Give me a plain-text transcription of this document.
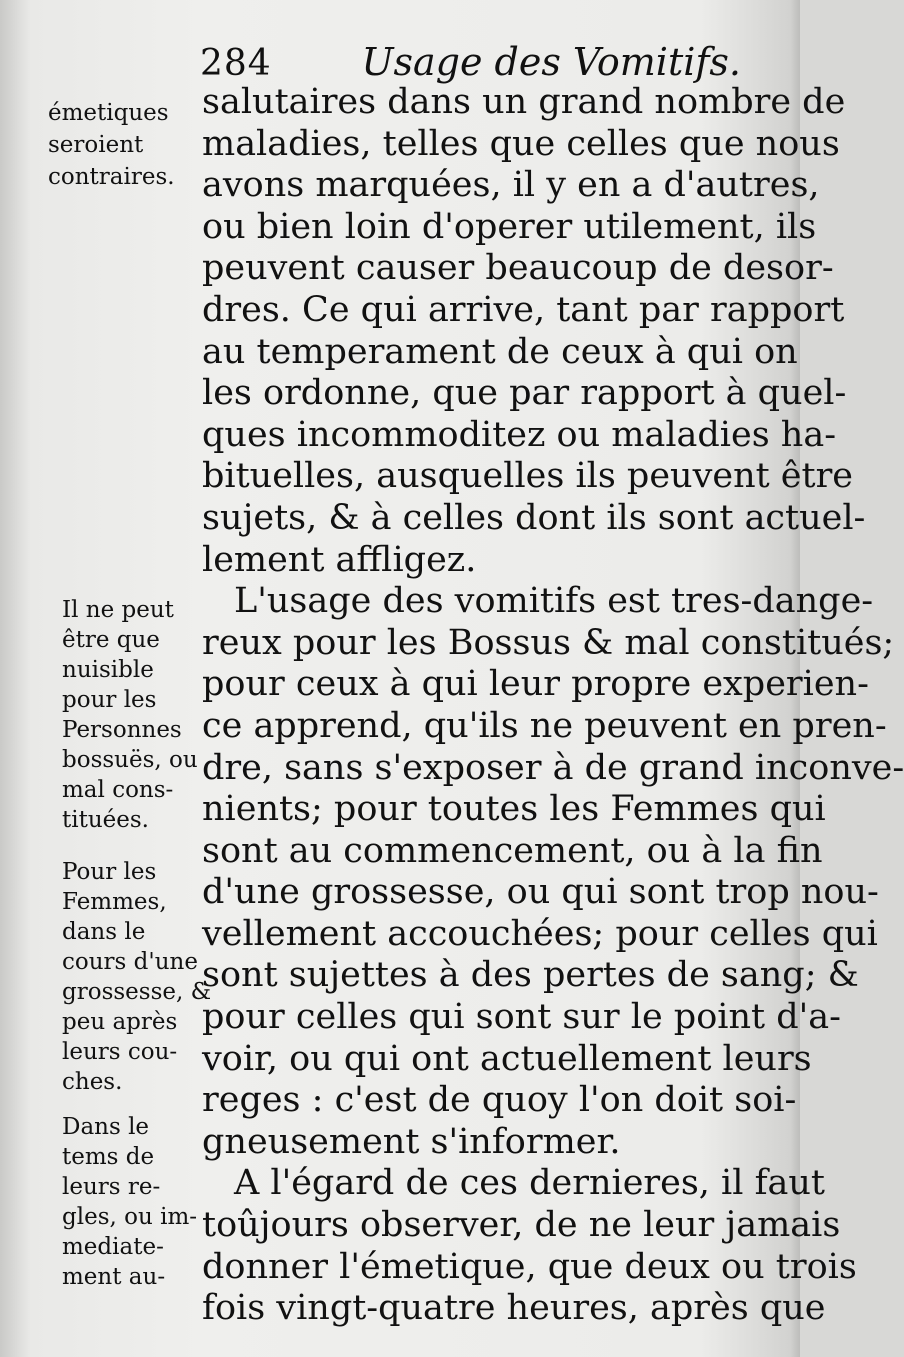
284 Usage des Vomitifs.
émetiques
seroient
contraires.
Il ne peut
être que
nuisible
pour les
Personnes
bossuës, ou
mal cons-
tituées.
Pour les
Femmes,
dans le
cours d'une
grossesse, &
peu après
leurs cou-
ches.
Dans le
tems de
leurs re-
gles, ou im-
mediate-
ment au-
salutaires dans un grand nombre de
maladies, telles que celles que nous
avons marquées, il y en a d'autres,
ou bien loin d'operer utilement, ils
peuvent causer beaucoup de desor-
dres. Ce qui arrive, tant par rapport
au temperament de ceux à qui on
les ordonne, que par rapport à quel-
ques incommoditez ou maladies ha-
bituelles, ausquelles ils peuvent être
sujets, & à celles dont ils sont actuel-
lement affligez.
L'usage des vomitifs est tres-dange-
reux pour les Bossus & mal constitués;
pour ceux à qui leur propre experien-
ce apprend, qu'ils ne peuvent en pren-
dre, sans s'exposer à de grand inconve-
nients; pour toutes les Femmes qui
sont au commencement, ou à la fin
d'une grossesse, ou qui sont trop nou-
vellement accouchées; pour celles qui
sont sujettes à des pertes de sang; &
pour celles qui sont sur le point d'a-
voir, ou qui ont actuellement leurs
reges : c'est de quoy l'on doit soi-
gneusement s'informer.
A l'égard de ces dernieres, il faut
toûjours observer, de ne leur jamais
donner l'émetique, que deux ou trois
fois vingt-quatre heures, après que
